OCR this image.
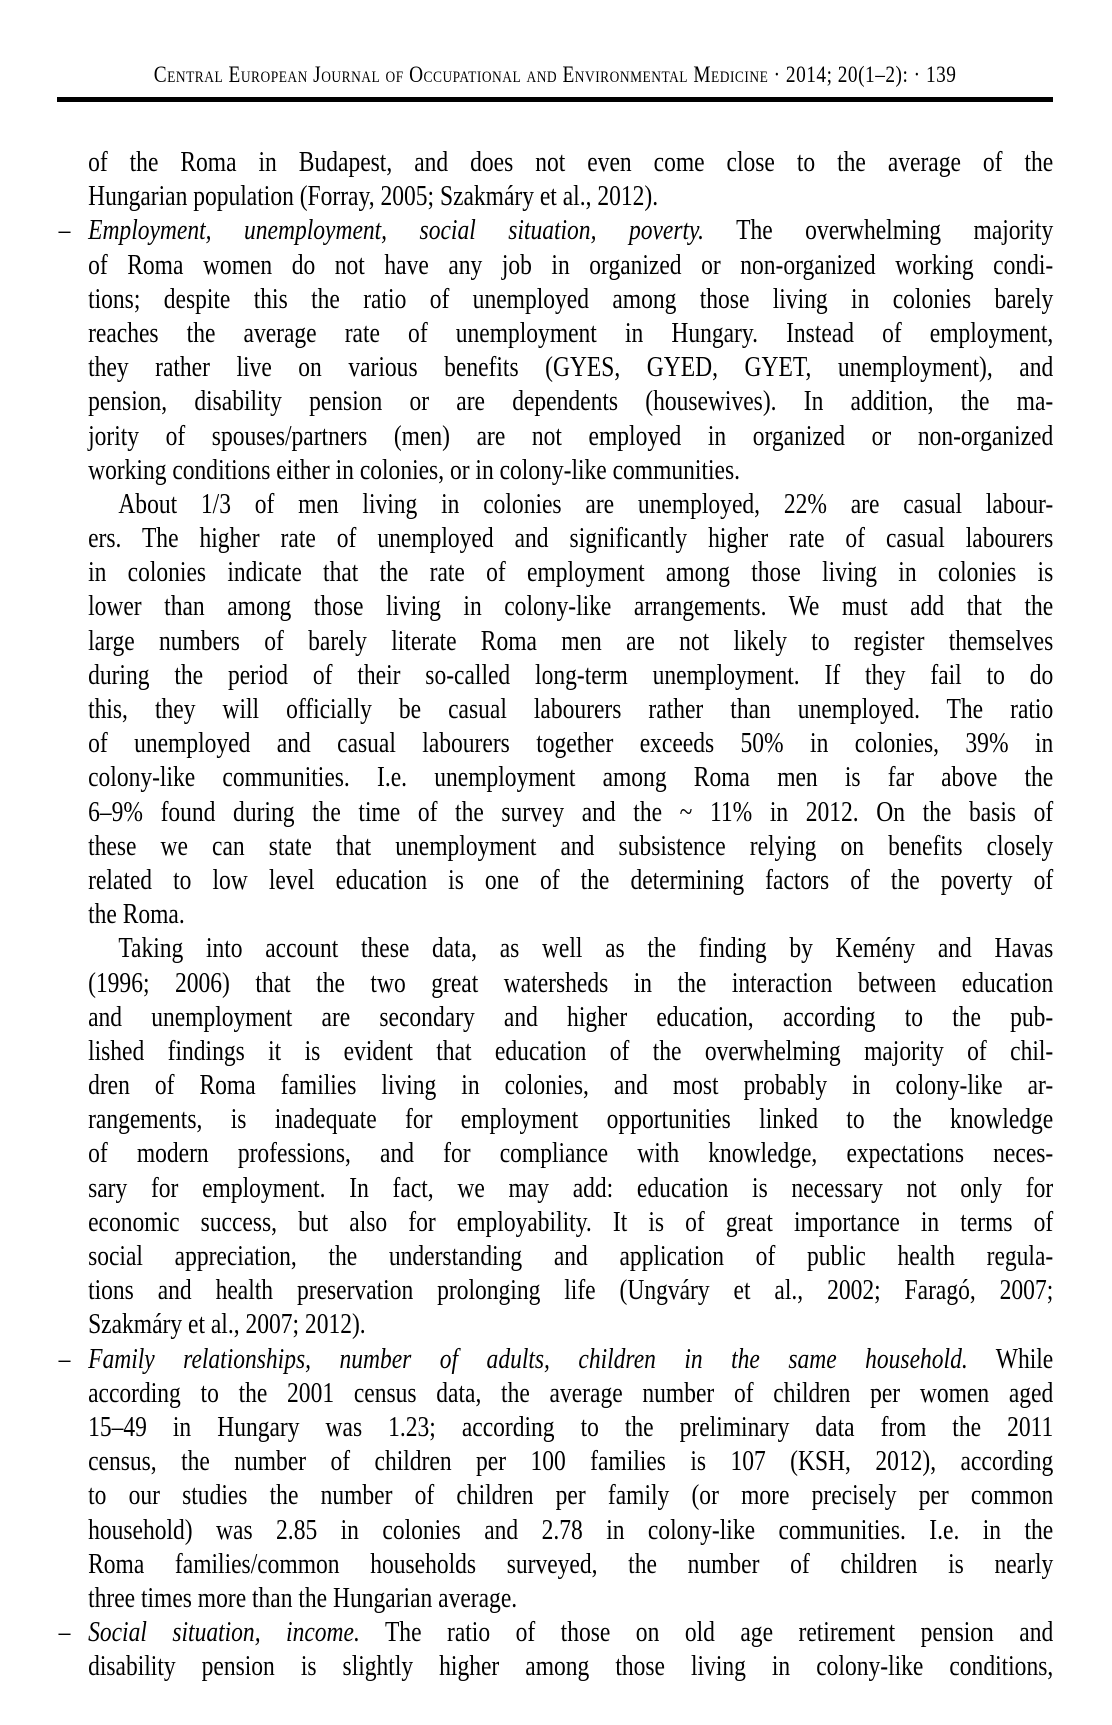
Central European Journal of Occupational and Environmental Medicine · 2014; 20(1–2): · 139
of the Roma in Budapest, and does not even come close to the average of the
Hungarian population (Forray, 2005; Szakmáry et al., 2012).
– Employment, unemployment, social situation, poverty. The overwhelming majority
of Roma women do not have any job in organized or non-organized working condi-
tions; despite this the ratio of unemployed among those living in colonies barely
reaches the average rate of unemployment in Hungary. Instead of employment,
they rather live on various benefits (GYES, GYED, GYET, unemployment), and
pension, disability pension or are dependents (housewives). In addition, the ma-
jority of spouses/partners (men) are not employed in organized or non-organized
working conditions either in colonies, or in colony-like communities.
About 1/3 of men living in colonies are unemployed, 22% are casual labour-
ers. The higher rate of unemployed and significantly higher rate of casual labourers
in colonies indicate that the rate of employment among those living in colonies is
lower than among those living in colony-like arrangements. We must add that the
large numbers of barely literate Roma men are not likely to register themselves
during the period of their so-called long-term unemployment. If they fail to do
this, they will officially be casual labourers rather than unemployed. The ratio
of unemployed and casual labourers together exceeds 50% in colonies, 39% in
colony-like communities. I.e. unemployment among Roma men is far above the
6–9% found during the time of the survey and the ~ 11% in 2012. On the basis of
these we can state that unemployment and subsistence relying on benefits closely
related to low level education is one of the determining factors of the poverty of
the Roma.
Taking into account these data, as well as the finding by Kemény and Havas
(1996; 2006) that the two great watersheds in the interaction between education
and unemployment are secondary and higher education, according to the pub-
lished findings it is evident that education of the overwhelming majority of chil-
dren of Roma families living in colonies, and most probably in colony-like ar-
rangements, is inadequate for employment opportunities linked to the knowledge
of modern professions, and for compliance with knowledge, expectations neces-
sary for employment. In fact, we may add: education is necessary not only for
economic success, but also for employability. It is of great importance in terms of
social appreciation, the understanding and application of public health regula-
tions and health preservation prolonging life (Ungváry et al., 2002; Faragó, 2007;
Szakmáry et al., 2007; 2012).
– Family relationships, number of adults, children in the same household. While
according to the 2001 census data, the average number of children per women aged
15–49 in Hungary was 1.23; according to the preliminary data from the 2011
census, the number of children per 100 families is 107 (KSH, 2012), according
to our studies the number of children per family (or more precisely per common
household) was 2.85 in colonies and 2.78 in colony-like communities. I.e. in the
Roma families/common households surveyed, the number of children is nearly
three times more than the Hungarian average.
– Social situation, income. The ratio of those on old age retirement pension and
disability pension is slightly higher among those living in colony-like conditions,
